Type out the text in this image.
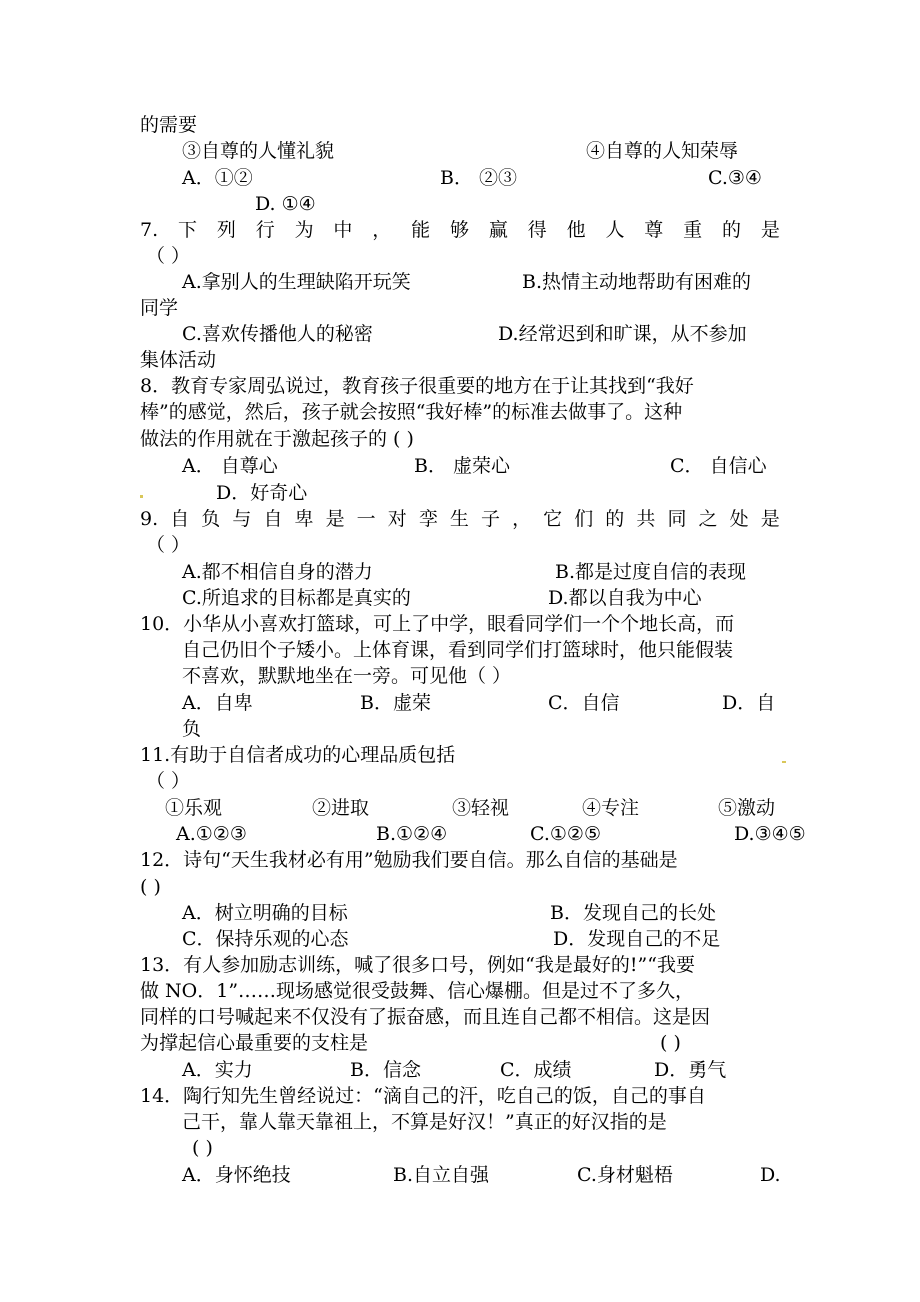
的需要
③自尊的人懂礼貌	④自尊的人知荣辱
A．①②	B． ②③	C.③④
D. ①④
7. 下 列 行 为 中 ， 能 够 赢 得 他 人 尊 重 的 是
（ ）
A.拿别人的生理缺陷开玩笑	B.热情主动地帮助有困难的
同学
C.喜欢传播他人的秘密	D.经常迟到和旷课，从不参加
集体活动
8．教育专家周弘说过，教育孩子很重要的地方在于让其找到“我好
棒”的感觉，然后，孩子就会按照“我好棒”的标准去做事了。这种
做法的作用就在于激起孩子的 ( )
A． 自尊心	B． 虚荣心	C． 自信心
D．好奇心
9. 自 负 与 自 卑 是 一 对 孪 生 子 ， 它 们 的 共 同 之 处 是
（ ）
A.都不相信自身的潜力	B.都是过度自信的表现
C.所追求的目标都是真实的	D.都以自我为中心
10．小华从小喜欢打篮球，可上了中学，眼看同学们一个个地长高，而
自己仍旧个子矮小。上体育课，看到同学们打篮球时，他只能假装
不喜欢，默默地坐在一旁。可见他（ ）
A．自卑	B．虚荣	C．自信	D．自
负
11.有助于自信者成功的心理品质包括
（ ）
①乐观	②进取	③轻视	④专注	⑤激动
A.①②③	B.①②④	C.①②⑤	D.③④⑤
12．诗句“天生我材必有用”勉励我们要自信。那么自信的基础是
( )
A．树立明确的目标	B．发现自己的长处
C．保持乐观的心态	D．发现自己的不足
13．有人参加励志训练，喊了很多口号，例如“我是最好的!”“我要
做 NO．1”……现场感觉很受鼓舞、信心爆棚。但是过不了多久，
同样的口号喊起来不仅没有了振奋感，而且连自己都不相信。这是因
为撑起信心最重要的支柱是	( )
A．实力	B．信念	C．成绩	D．勇气
14．陶行知先生曾经说过：“滴自己的汗，吃自己的饭，自己的事自
己干，靠人靠天靠祖上，不算是好汉！”真正的好汉指的是
( )
A．身怀绝技	B.自立自强	C.身材魁梧	D.
